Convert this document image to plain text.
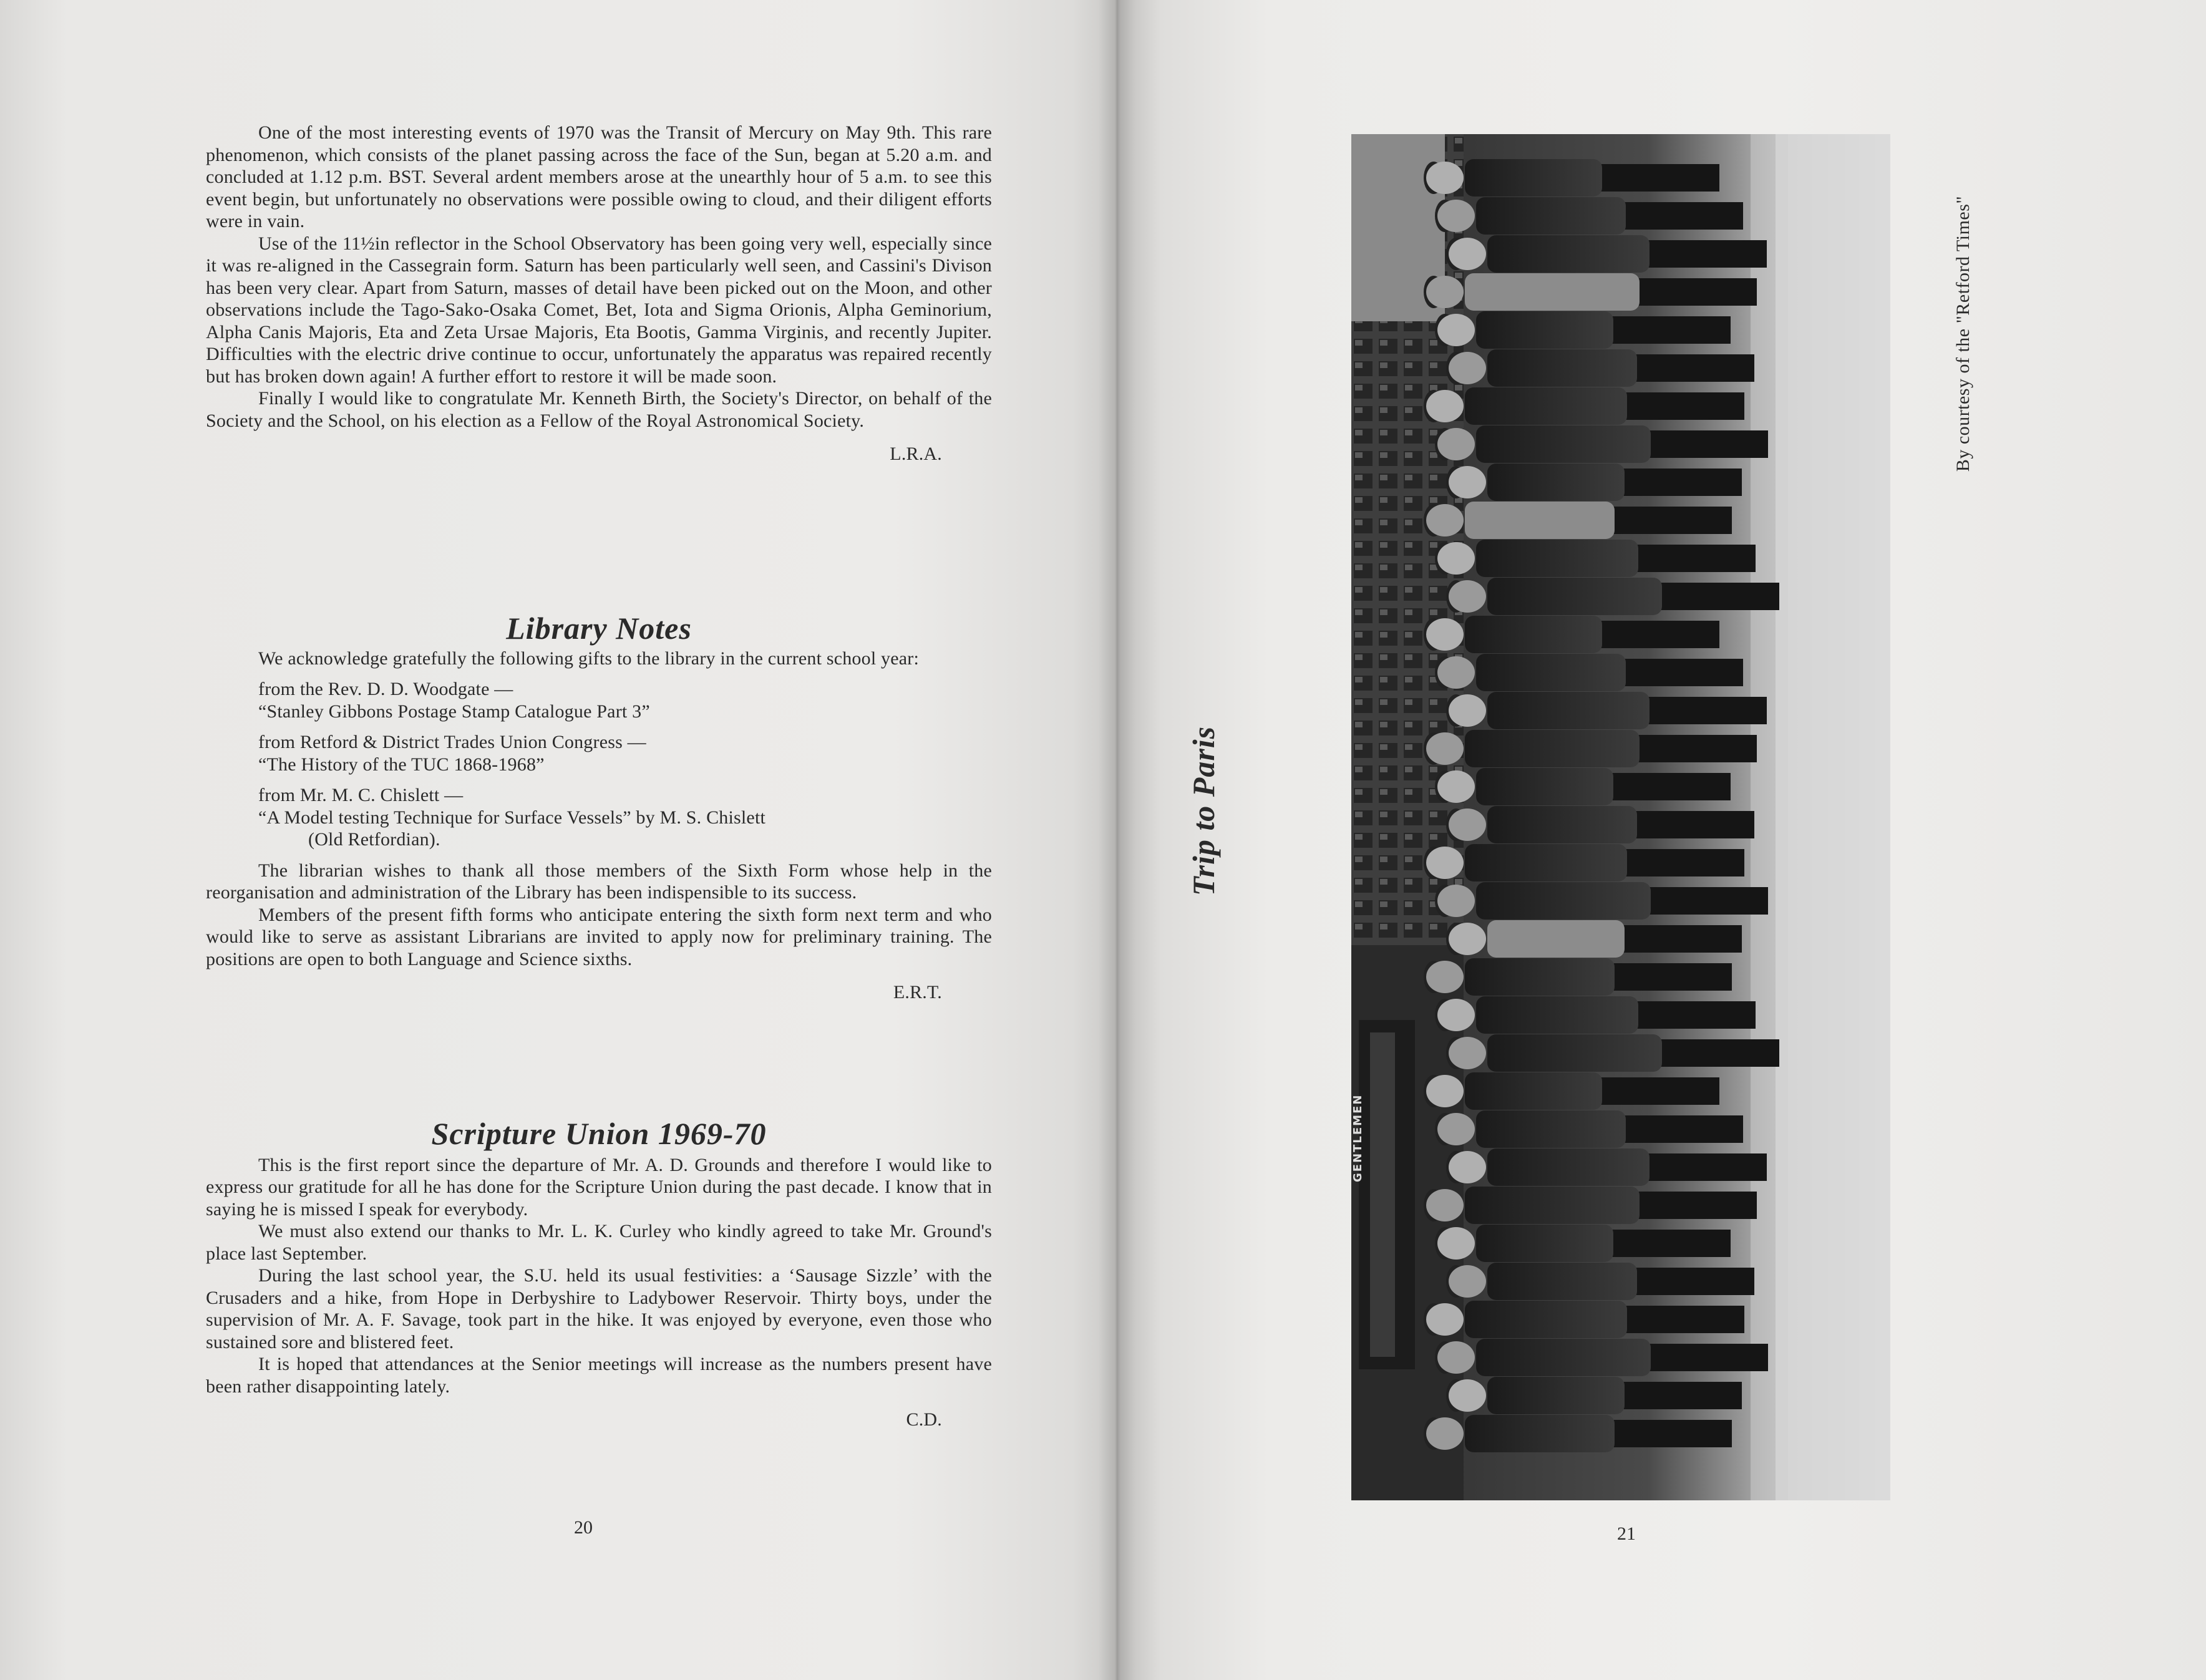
One of the most interesting events of 1970 was the Transit of Mercury on May 9th. This rare phenomenon, which consists of the planet passing across the face of the Sun, began at 5.20 a.m. and concluded at 1.12 p.m. BST. Several ardent members arose at the unearthly hour of 5 a.m. to see this event begin, but unfortunately no observations were possible owing to cloud, and their diligent efforts were in vain.

Use of the 11½in reflector in the School Observatory has been going very well, especially since it was re-aligned in the Cassegrain form. Saturn has been particularly well seen, and Cassini's Divison has been very clear. Apart from Saturn, masses of detail have been picked out on the Moon, and other observations include the Tago-Sako-Osaka Comet, Bet, Iota and Sigma Orionis, Alpha Geminorium, Alpha Canis Majoris, Eta and Zeta Ursae Majoris, Eta Bootis, Gamma Virginis, and recently Jupiter. Difficulties with the electric drive continue to occur, unfortunately the apparatus was repaired recently but has broken down again! A further effort to restore it will be made soon.

Finally I would like to congratulate Mr. Kenneth Birth, the Society's Director, on behalf of the Society and the School, on his election as a Fellow of the Royal Astronomical Society.

L.R.A.

Library Notes

We acknowledge gratefully the following gifts to the library in the current school year:

from the Rev. D. D. Woodgate —

“Stanley Gibbons Postage Stamp Catalogue Part 3”

from Retford & District Trades Union Congress —

“The History of the TUC 1868-1968”

from Mr. M. C. Chislett —

“A Model testing Technique for Surface Vessels” by M. S. Chislett

(Old Retfordian).

The librarian wishes to thank all those members of the Sixth Form whose help in the reorganisation and administration of the Library has been indispensible to its success.

Members of the present fifth forms who anticipate entering the sixth form next term and who would like to serve as assistant Librarians are invited to apply now for preliminary training. The positions are open to both Language and Science sixths.

E.R.T.

Scripture Union 1969-70

This is the first report since the departure of Mr. A. D. Grounds and therefore I would like to express our gratitude for all he has done for the Scripture Union during the past decade. I know that in saying he is missed I speak for everybody.

We must also extend our thanks to Mr. L. K. Curley who kindly agreed to take Mr. Ground's place last September.

During the last school year, the S.U. held its usual festivities: a ‘Sausage Sizzle’ with the Crusaders and a hike, from Hope in Derbyshire to Ladybower Reservoir. Thirty boys, under the supervision of Mr. A. F. Savage, took part in the hike. It was enjoyed by everyone, even those who sustained sore and blistered feet.

It is hoped that attendances at the Senior meetings will increase as the numbers present have been rather disappointing lately.

C.D.

20
Trip to Paris
GENTLEMEN
By courtesy of the "Retford Times"
21
